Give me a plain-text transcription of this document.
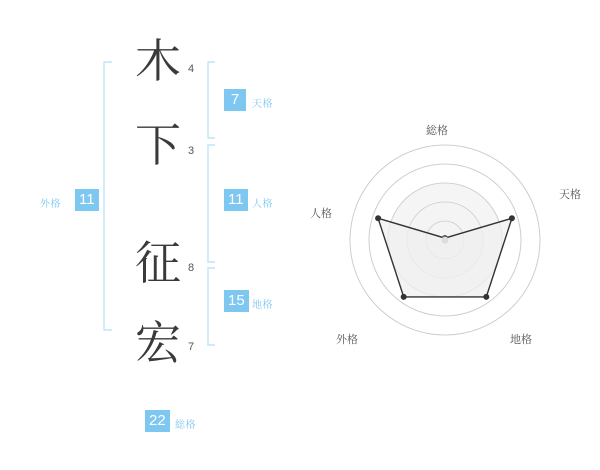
木
下
征
宏
4
3
8
7
7	天格
11 人格
15 地格
11
外格
22 総格
総格
天格
地格
外格
人格
